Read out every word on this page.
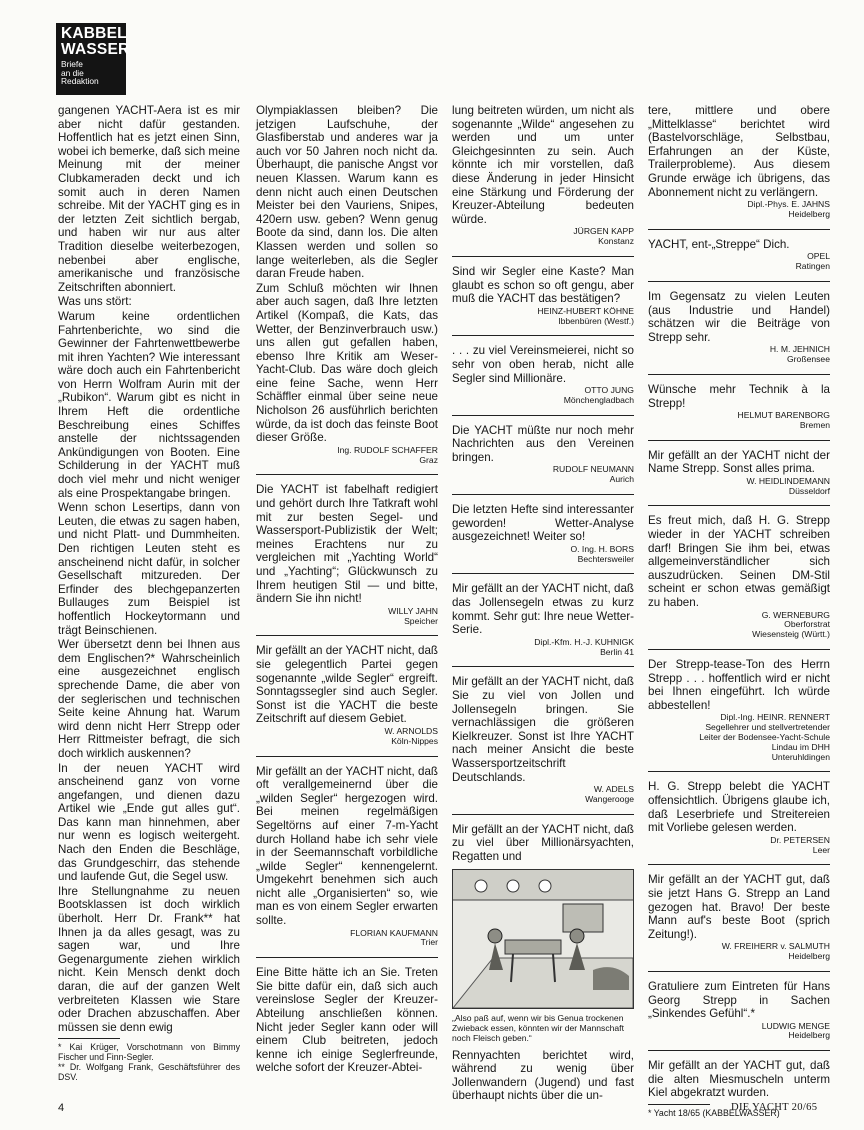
KABBEL
WASSER
Briefe
an die
Redaktion

gangenen YACHT-Aera ist es mir aber nicht dafür gestanden. Hoffentlich hat es jetzt einen Sinn, wobei ich bemerke, daß sich meine Meinung mit der meiner Clubkameraden deckt und ich somit auch in deren Namen schreibe. Mit der YACHT ging es in der letzten Zeit sichtlich bergab, und haben wir nur aus alter Tradition dieselbe weiterbezogen, nebenbei aber englische, amerikanische und französische Zeitschriften abonniert.

Was uns stört:

Warum keine ordentlichen Fahrtenberichte, wo sind die Gewinner der Fahrtenwettbewerbe mit ihren Yachten? Wie interessant wäre doch auch ein Fahrtenbericht von Herrn Wolfram Aurin mit der „Rubikon“. Warum gibt es nicht in Ihrem Heft die ordentliche Beschreibung eines Schiffes anstelle der nichtssagenden Ankündigungen von Booten. Eine Schilderung in der YACHT muß doch viel mehr und nicht weniger als eine Prospektangabe bringen.

Wenn schon Lesertips, dann von Leuten, die etwas zu sagen haben, und nicht Platt- und Dummheiten. Den richtigen Leuten steht es anscheinend nicht dafür, in solcher Gesellschaft mitzureden. Der Erfinder des blechgepanzerten Bullauges zum Beispiel ist hoffentlich Hockeytormann und trägt Beinschienen.

Wer übersetzt denn bei Ihnen aus dem Englischen?* Wahrscheinlich eine ausgezeichnet englisch sprechende Dame, die aber von der seglerischen und technischen Seite keine Ahnung hat. Warum wird denn nicht Herr Strepp oder Herr Rittmeister befragt, die sich doch wirklich auskennen?

In der neuen YACHT wird anscheinend ganz von vorne angefangen, und dienen dazu Artikel wie „Ende gut alles gut“. Das kann man hinnehmen, aber nur wenn es logisch weitergeht. Nach den Enden die Beschläge, das Grundgeschirr, das stehende und laufende Gut, die Segel usw.

Ihre Stellungnahme zu neuen Bootsklassen ist doch wirklich überholt. Herr Dr. Frank** hat Ihnen ja da alles gesagt, was zu sagen war, und Ihre Gegenargumente ziehen wirklich nicht. Kein Mensch denkt doch daran, die auf der ganzen Welt verbreiteten Klassen wie Stare oder Drachen abzuschaffen. Aber müssen sie denn ewig

* Kai Krüger, Vorschotmann von Bimmy Fischer und Finn-Segler.

** Dr. Wolfgang Frank, Geschäftsführer des DSV.

Olympiaklassen bleiben? Die jetzigen Laufschuhe, der Glasfiberstab und anderes war ja auch vor 50 Jahren noch nicht da. Überhaupt, die panische Angst vor neuen Klassen. Warum kann es denn nicht auch einen Deutschen Meister bei den Vauriens, Snipes, 420ern usw. geben? Wenn genug Boote da sind, dann los. Die alten Klassen werden und sollen so lange weiterleben, als die Segler daran Freude haben.

Zum Schluß möchten wir Ihnen aber auch sagen, daß Ihre letzten Artikel (Kompaß, die Kats, das Wetter, der Benzinverbrauch usw.) uns allen gut gefallen haben, ebenso Ihre Kritik am Weser-Yacht-Club. Das wäre doch gleich eine feine Sache, wenn Herr Schäffler einmal über seine neue Nicholson 26 ausführlich berichten würde, da ist doch das feinste Boot dieser Größe.

Ing. RUDOLF SCHAFFER

Graz

Die YACHT ist fabelhaft redigiert und gehört durch Ihre Tatkraft wohl mit zur besten Segel- und Wassersport-Publizistik der Welt; meines Erachtens nur zu vergleichen mit „Yachting World“ und „Yachting“; Glückwunsch zu Ihrem heutigen Stil — und bitte, ändern Sie ihn nicht!

WILLY JAHN

Speicher

Mir gefällt an der YACHT nicht, daß sie gelegentlich Partei gegen sogenannte „wilde Segler“ ergreift. Sonntagssegler sind auch Segler. Sonst ist die YACHT die beste Zeitschrift auf diesem Gebiet.

W. ARNOLDS

Köln-Nippes

Mir gefällt an der YACHT nicht, daß oft verallgemeinernd über die „wilden Segler“ hergezogen wird. Bei meinen regelmäßigen Segeltörns auf einer 7-m-Yacht durch Holland habe ich sehr viele in der Seemannschaft vorbildliche „wilde Segler“ kennengelernt. Umgekehrt benehmen sich auch nicht alle „Organisierten“ so, wie man es von einem Segler erwarten sollte.

FLORIAN KAUFMANN

Trier

Eine Bitte hätte ich an Sie. Treten Sie bitte dafür ein, daß sich auch vereinslose Segler der Kreuzer-Abteilung anschließen können. Nicht jeder Segler kann oder will einem Club beitreten, jedoch kenne ich einige Seglerfreunde, welche sofort der Kreuzer-Abtei-

lung beitreten würden, um nicht als sogenannte „Wilde“ angesehen zu werden und um unter Gleichgesinnten zu sein. Auch könnte ich mir vorstellen, daß diese Änderung in jeder Hinsicht eine Stärkung und Förderung der Kreuzer-Abteilung bedeuten würde.

JÜRGEN KAPP

Konstanz

Sind wir Segler eine Kaste? Man glaubt es schon so oft gengu, aber muß die YACHT das bestätigen?

HEINZ-HUBERT KÖHNE

Ibbenbüren (Westf.)

. . . zu viel Vereinsmeierei, nicht so sehr von oben herab, nicht alle Segler sind Millionäre.

OTTO JUNG

Mönchengladbach

Die YACHT müßte nur noch mehr Nachrichten aus den Vereinen bringen.

RUDOLF NEUMANN

Aurich

Die letzten Hefte sind interessanter geworden! Wetter-Analyse ausgezeichnet! Weiter so!

O. Ing. H. BORS

Bechtersweiler

Mir gefällt an der YACHT nicht, daß das Jollensegeln etwas zu kurz kommt. Sehr gut: Ihre neue Wetter-Serie.

Dipl.-Kfm. H.-J. KUHNIGK

Berlin 41

Mir gefällt an der YACHT nicht, daß Sie zu viel von Jollen und Jollensegeln bringen. Sie vernachlässigen die größeren Kielkreuzer. Sonst ist Ihre YACHT nach meiner Ansicht die beste Wassersportzeitschrift Deutschlands.

W. ADELS

Wangerooge

Mir gefällt an der YACHT nicht, daß zu viel über Millionärsyachten, Regatten und

„Also paß auf, wenn wir bis Genua trockenen Zwieback essen, könnten wir der Mannschaft noch Fleisch geben.“

Rennyachten berichtet wird, während zu wenig über Jollenwandern (Jugend) und fast überhaupt nichts über die un-

tere, mittlere und obere „Mittelklasse“ berichtet wird (Bastelvorschläge, Selbstbau, Erfahrungen an der Küste, Trailerprobleme). Aus diesem Grunde erwäge ich übrigens, das Abonnement nicht zu verlängern.

Dipl.-Phys. E. JAHNS

Heidelberg

YACHT, ent-„Streppe“ Dich.

OPEL

Ratingen

Im Gegensatz zu vielen Leuten (aus Industrie und Handel) schätzen wir die Beiträge von Strepp sehr.

H. M. JEHNICH

Großensee

Wünsche mehr Technik à la Strepp!

HELMUT BARENBORG

Bremen

Mir gefällt an der YACHT nicht der Name Strepp. Sonst alles prima.

W. HEIDLINDEMANN

Düsseldorf

Es freut mich, daß H. G. Strepp wieder in der YACHT schreiben darf! Bringen Sie ihm bei, etwas allgemeinverständlicher sich auszudrücken. Seinen DM-Stil scheint er schon etwas gemäßigt zu haben.

G. WERNEBURG

Oberforstrat

Wiesensteig (Württ.)

Der Strepp-tease-Ton des Herrn Strepp . . . hoffentlich wird er nicht bei Ihnen eingeführt. Ich würde abbestellen!

Dipl.-Ing. HEINR. RENNERT

Segellehrer und stellvertretender

Leiter der Bodensee-Yacht-Schule

Lindau im DHH

Unteruhldingen

H. G. Strepp belebt die YACHT offensichtlich. Übrigens glaube ich, daß Leserbriefe und Streitereien mit Vorliebe gelesen werden.

Dr. PETERSEN

Leer

Mir gefällt an der YACHT gut, daß sie jetzt Hans G. Strepp an Land gezogen hat. Bravo! Der beste Mann auf's beste Boot (sprich Zeitung!).

W. FREIHERR v. SALMUTH

Heidelberg

Gratuliere zum Eintreten für Hans Georg Strepp in Sachen „Sinkendes Gefühl“.*

LUDWIG MENGE

Heidelberg

Mir gefällt an der YACHT gut, daß die alten Miesmuscheln unterm Kiel abgekratzt wurden.

* Yacht 18/65 (KABBELWASSER)

4	DIE YACHT 20/65
